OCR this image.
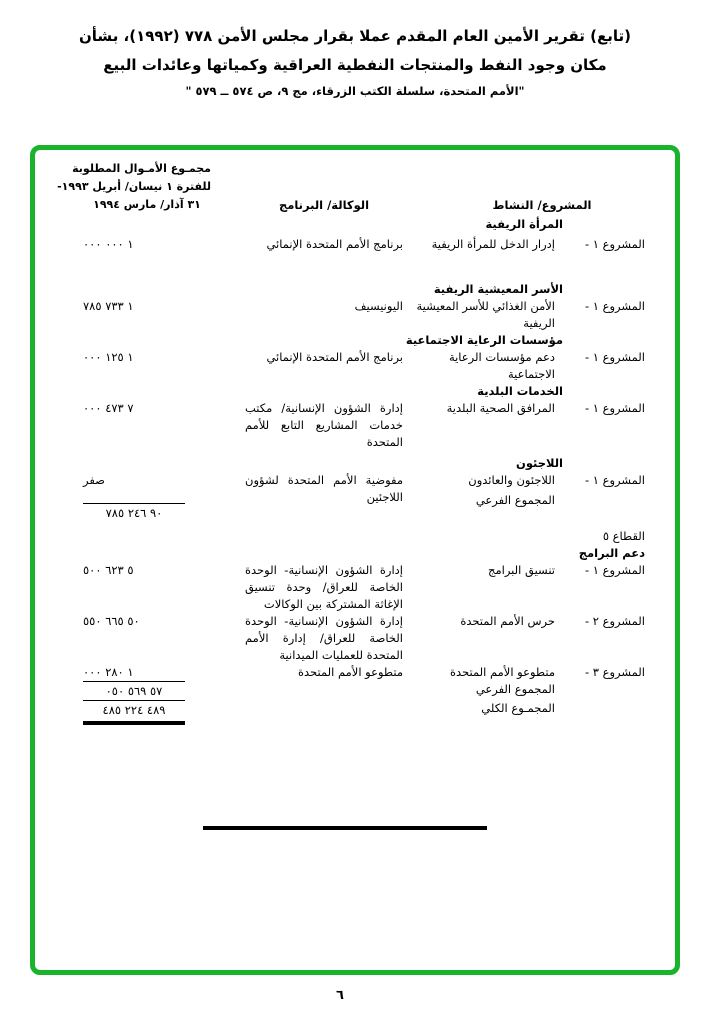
(تابع) تقرير الأمين العام المقدم عملا بقرار مجلس الأمن ٧٧٨ (١٩٩٢)، بشأن
مكان وجود النفط والمنتجات النفطية العراقية وكمياتها وعائدات البيع
"الأمم المتحدة، سلسلة الكتب الزرقاء، مج ٩، ص ٥٧٤ ــ ٥٧٩ "
المشروع/ النشاط
الوكالة/ البرنامج
مجمـوع الأمـوال المطلوبة
للفترة ١ نيسان/ أبريل ١٩٩٣-
٣١ آذار/ مارس ١٩٩٤
المرأة الريفية
المشروع ١ -
إدرار الدخل للمرأة الريفية
برنامج الأمم المتحدة الإنمائي
١ ٠٠٠ ٠٠٠
الأسر المعيشية الريفية
المشروع ١ -
الأمن الغذائي للأسر المعيشية الريفية
اليونيسيف
١ ٧٣٣ ٧٨٥
مؤسسات الرعاية الاجتماعية
المشروع ١ -
دعم مؤسسات الرعاية الاجتماعية
برنامج الأمم المتحدة الإنمائي
١ ١٢٥ ٠٠٠
الخدمات البلدية
المشروع ١ -
المرافق الصحية البلدية
إدارة الشؤون الإنسانية/ مكتب خدمات المشاريع التابع للأمم المتحدة
٧ ٤٧٣ ٠٠٠
اللاجئون
المشروع ١ -
اللاجئون والعائدون
مفوضية الأمم المتحدة لشؤون اللاجئين
صفر
المجموع الفرعي
٩٠ ٢٤٦ ٧٨٥
القطاع ٥
دعم البرامج
المشروع ١ -
تنسيق البرامج
إدارة الشؤون الإنسانية- الوحدة الخاصة للعراق/ وحدة تنسيق الإغاثة المشتركة بين الوكالات
٥ ٦٢٣ ٥٠٠
المشروع ٢ -
حرس الأمم المتحدة
إدارة الشؤون الإنسانية- الوحدة الخاصة للعراق/ إدارة الأمم المتحدة للعمليات الميدانية
٥٠ ٦٦٥ ٥٥٠
المشروع ٣ -
متطوعو الأمم المتحدة
متطوعو الأمم المتحدة
١ ٢٨٠ ٠٠٠
المجموع الفرعي
٥٧ ٥٦٩ ٠٥٠
المجمـوع الكلي
٤٨٩ ٢٢٤ ٤٨٥
٦
